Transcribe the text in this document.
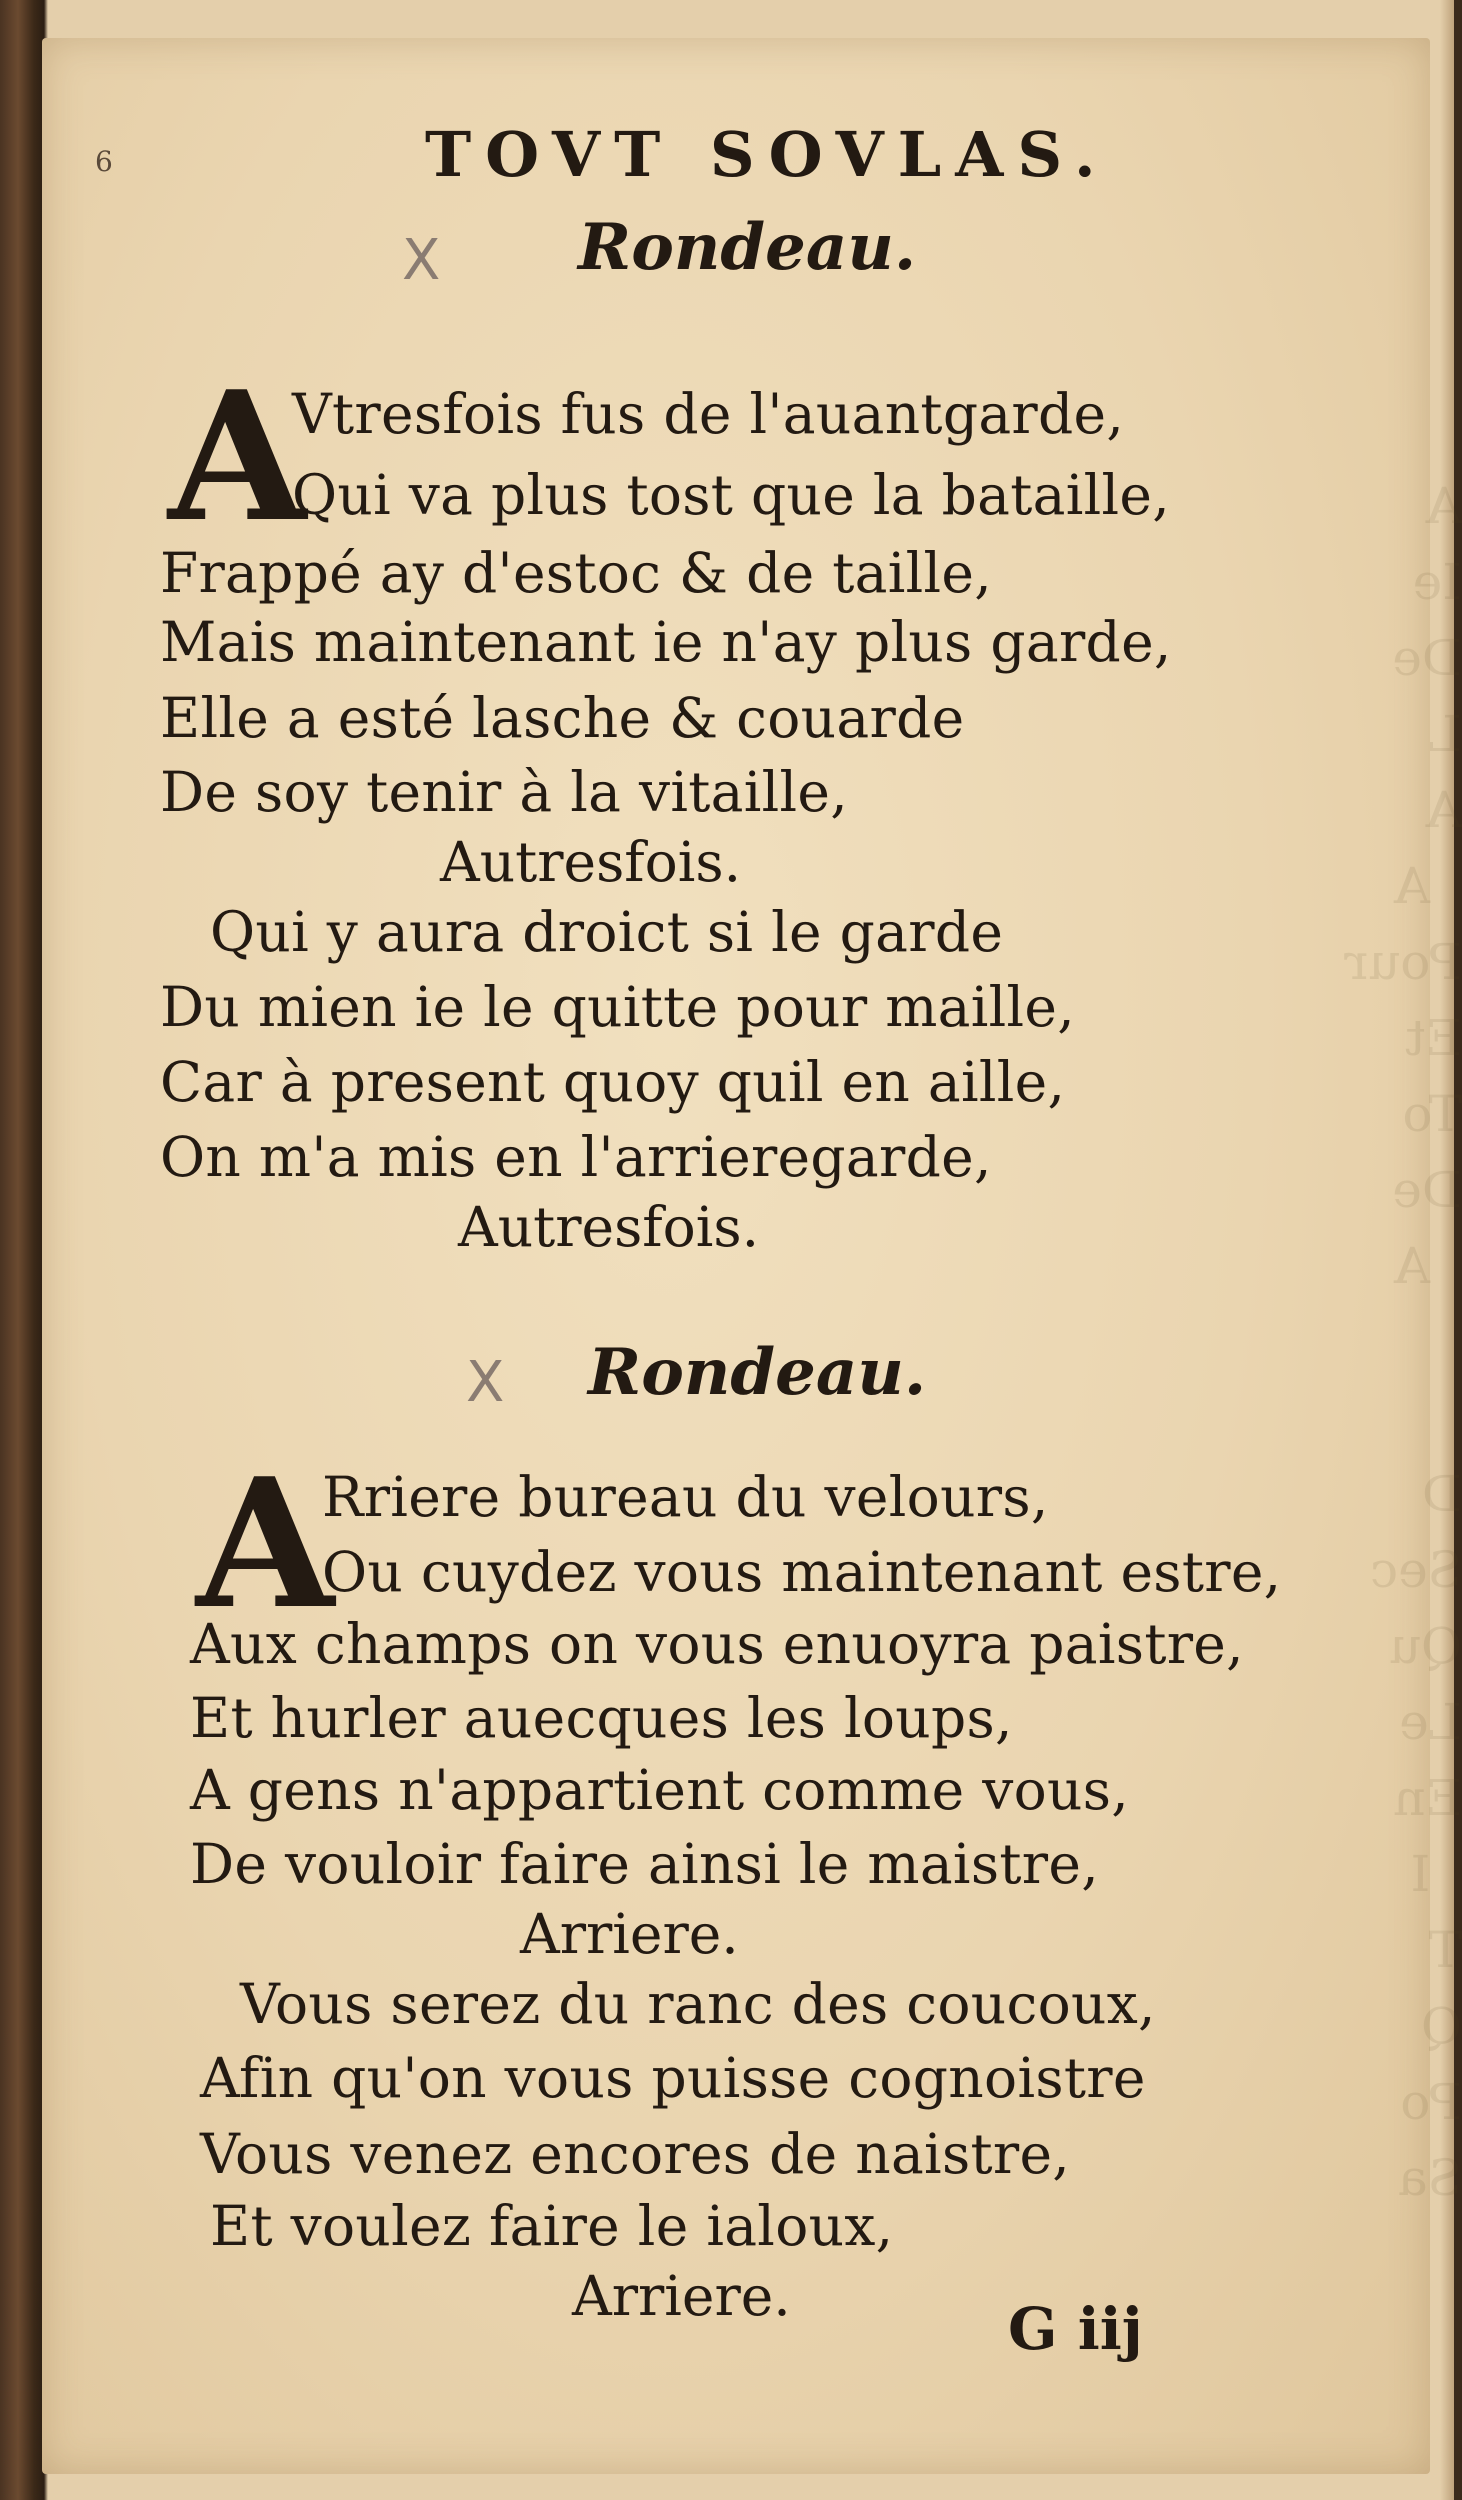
A
Ie
De
L
A
A
Pour
Et
To
De
A

D
Sec
Qu
Le
En
I
T
Q
Po
Sa
6	TOVT SOVLAS.
X Rondeau.
A
Vtresfois fus de l'auantgarde,
Qui va plus tost que la bataille,
Frappé ay d'estoc & de taille,
Mais maintenant ie n'ay plus garde,
Elle a esté lasche & couarde
De soy tenir à la vitaille,
Autresfois.
Qui y aura droict si le garde
Du mien ie le quitte pour maille,
Car à present quoy quil en aille,
On m'a mis en l'arrieregarde,
Autresfois.
X Rondeau.
A
Rriere bureau du velours,
Ou cuydez vous maintenant estre,
Aux champs on vous enuoyra paistre,
Et hurler auecques les loups,
A gens n'appartient comme vous,
De vouloir faire ainsi le maistre,
Arriere.
Vous serez du ranc des coucoux,
Afin qu'on vous puisse cognoistre
Vous venez encores de naistre,
Et voulez faire le ialoux,
Arriere.	G iij
